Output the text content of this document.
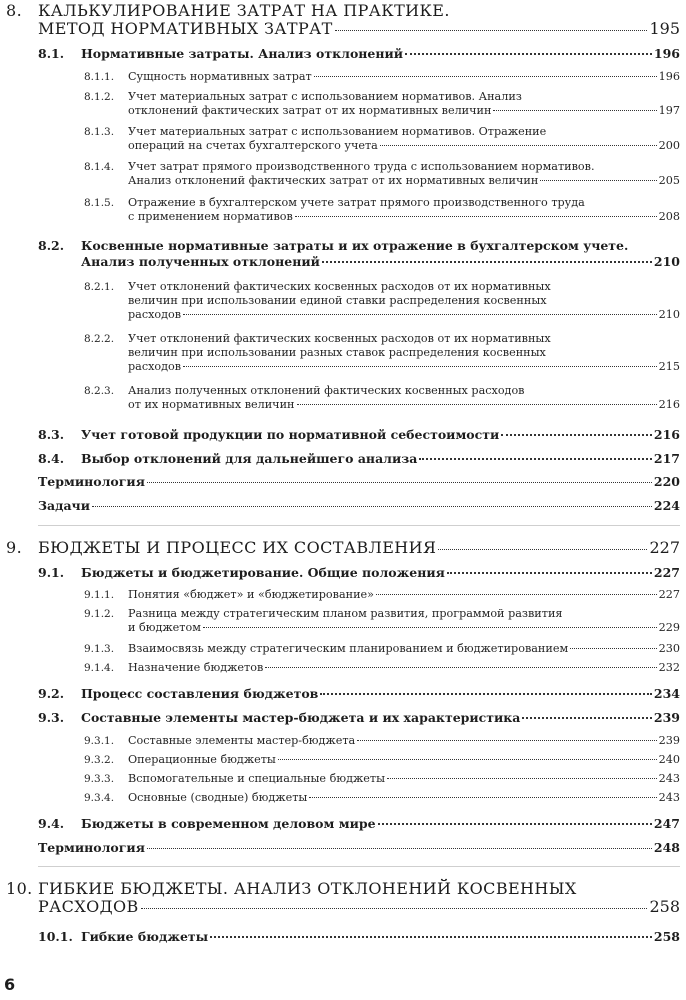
8. КАЛЬКУЛИРОВАНИЕ ЗАТРАТ НА ПРАКТИКЕ.
МЕТОД НОРМАТИВНЫХ ЗАТРАТ	195
8.1. Нормативные затраты. Анализ отклонений	196
8.1.1. Сущность нормативных затрат	196
8.1.2. Учет материальных затрат с использованием нормативов. Анализ
отклонений фактических затрат от их нормативных величин	197
8.1.3. Учет материальных затрат с использованием нормативов. Отражение
операций на счетах бухгалтерского учета	200
8.1.4. Учет затрат прямого производственного труда с использованием нормативов.
Анализ отклонений фактических затрат от их нормативных величин	205
8.1.5. Отражение в бухгалтерском учете затрат прямого производственного труда
с применением нормативов	208
8.2. Косвенные нормативные затраты и их отражение в бухгалтерском учете.
Анализ полученных отклонений	210
8.2.1. Учет отклонений фактических косвенных расходов от их нормативных
величин при использовании единой ставки распределения косвенных
расходов	210
8.2.2. Учет отклонений фактических косвенных расходов от их нормативных
величин при использовании разных ставок распределения косвенных
расходов	215
8.2.3. Анализ полученных отклонений фактических косвенных расходов
от их нормативных величин	216
8.3. Учет готовой продукции по нормативной себестоимости	216
8.4. Выбор отклонений для дальнейшего анализа	217
Терминология	220
Задачи	224
9. БЮДЖЕТЫ И ПРОЦЕСС ИХ СОСТАВЛЕНИЯ	227
9.1. Бюджеты и бюджетирование. Общие положения	227
9.1.1. Понятия «бюджет» и «бюджетирование»	227
9.1.2. Разница между стратегическим планом развития, программой развития
и бюджетом	229
9.1.3. Взаимосвязь между стратегическим планированием и бюджетированием	230
9.1.4. Назначение бюджетов	232
9.2. Процесс составления бюджетов	234
9.3. Составные элементы мастер-бюджета и их характеристика	239
9.3.1. Составные элементы мастер-бюджета	239
9.3.2. Операционные бюджеты	240
9.3.3. Вспомогательные и специальные бюджеты	243
9.3.4. Основные (сводные) бюджеты	243
9.4. Бюджеты в современном деловом мире	247
Терминология	248
10. ГИБКИЕ БЮДЖЕТЫ. АНАЛИЗ ОТКЛОНЕНИЙ КОСВЕННЫХ
РАСХОДОВ	258
10.1. Гибкие бюджеты	258
6
